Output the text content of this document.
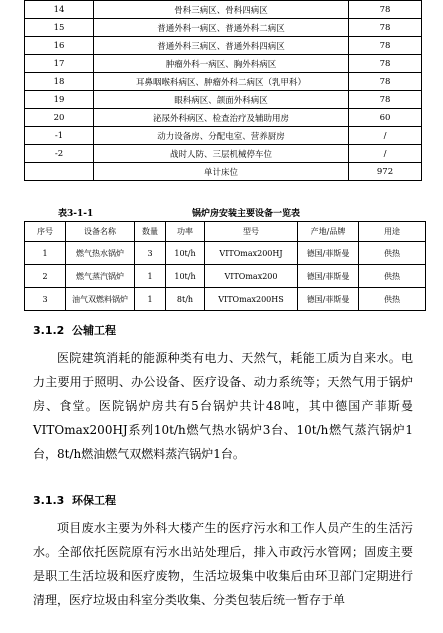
14	骨科三病区、骨科四病区	78
15	普通外科一病区、普通外科二病区	78
16	普通外科三病区、普通外科四病区	78
17	肿瘤外科一病区、胸外科病区	78
18	耳鼻咽喉科病区、肿瘤外科二病区（乳甲科）	78
19	眼科病区、颌面外科病区	78
20	泌尿外科病区、检查治疗及辅助用房	60
-1	动力设备房、分配电室、营养厨房	/
-2	战时人防、三层机械停车位	/
	单计床位	972
表3-1-1	锅炉房安装主要设备一览表
序号	设备名称	数量	功率	型号	产地/品牌	用途
1	燃气热水锅炉	3	10t/h	VITOmax200HJ	德国/菲斯曼	供热
2	燃气蒸汽锅炉	1	10t/h	VITOmax200	德国/菲斯曼	供热
3	油气双燃料锅炉	1	8t/h	VITOmax200HS	德国/菲斯曼	供热
3.1.2 公辅工程

医院建筑消耗的能源种类有电力、天然气，耗能工质为自来水。电力主要用于照明、办公设备、医疗设备、动力系统等；天然气用于锅炉房、食堂。医院锅炉房共有5台锅炉共计48吨，其中德国产菲斯曼VITOmax200HJ系列10t/h燃气热水锅炉3台、10t/h燃气蒸汽锅炉1台，8t/h燃油燃气双燃料蒸汽锅炉1台。

3.1.3 环保工程

项目废水主要为外科大楼产生的医疗污水和工作人员产生的生活污水。全部依托医院原有污水出站处理后，排入市政污水管网；固废主要是职工生活垃圾和医疗废物，生活垃圾集中收集后由环卫部门定期进行清理，医疗垃圾由科室分类收集、分类包装后统一暂存于单
